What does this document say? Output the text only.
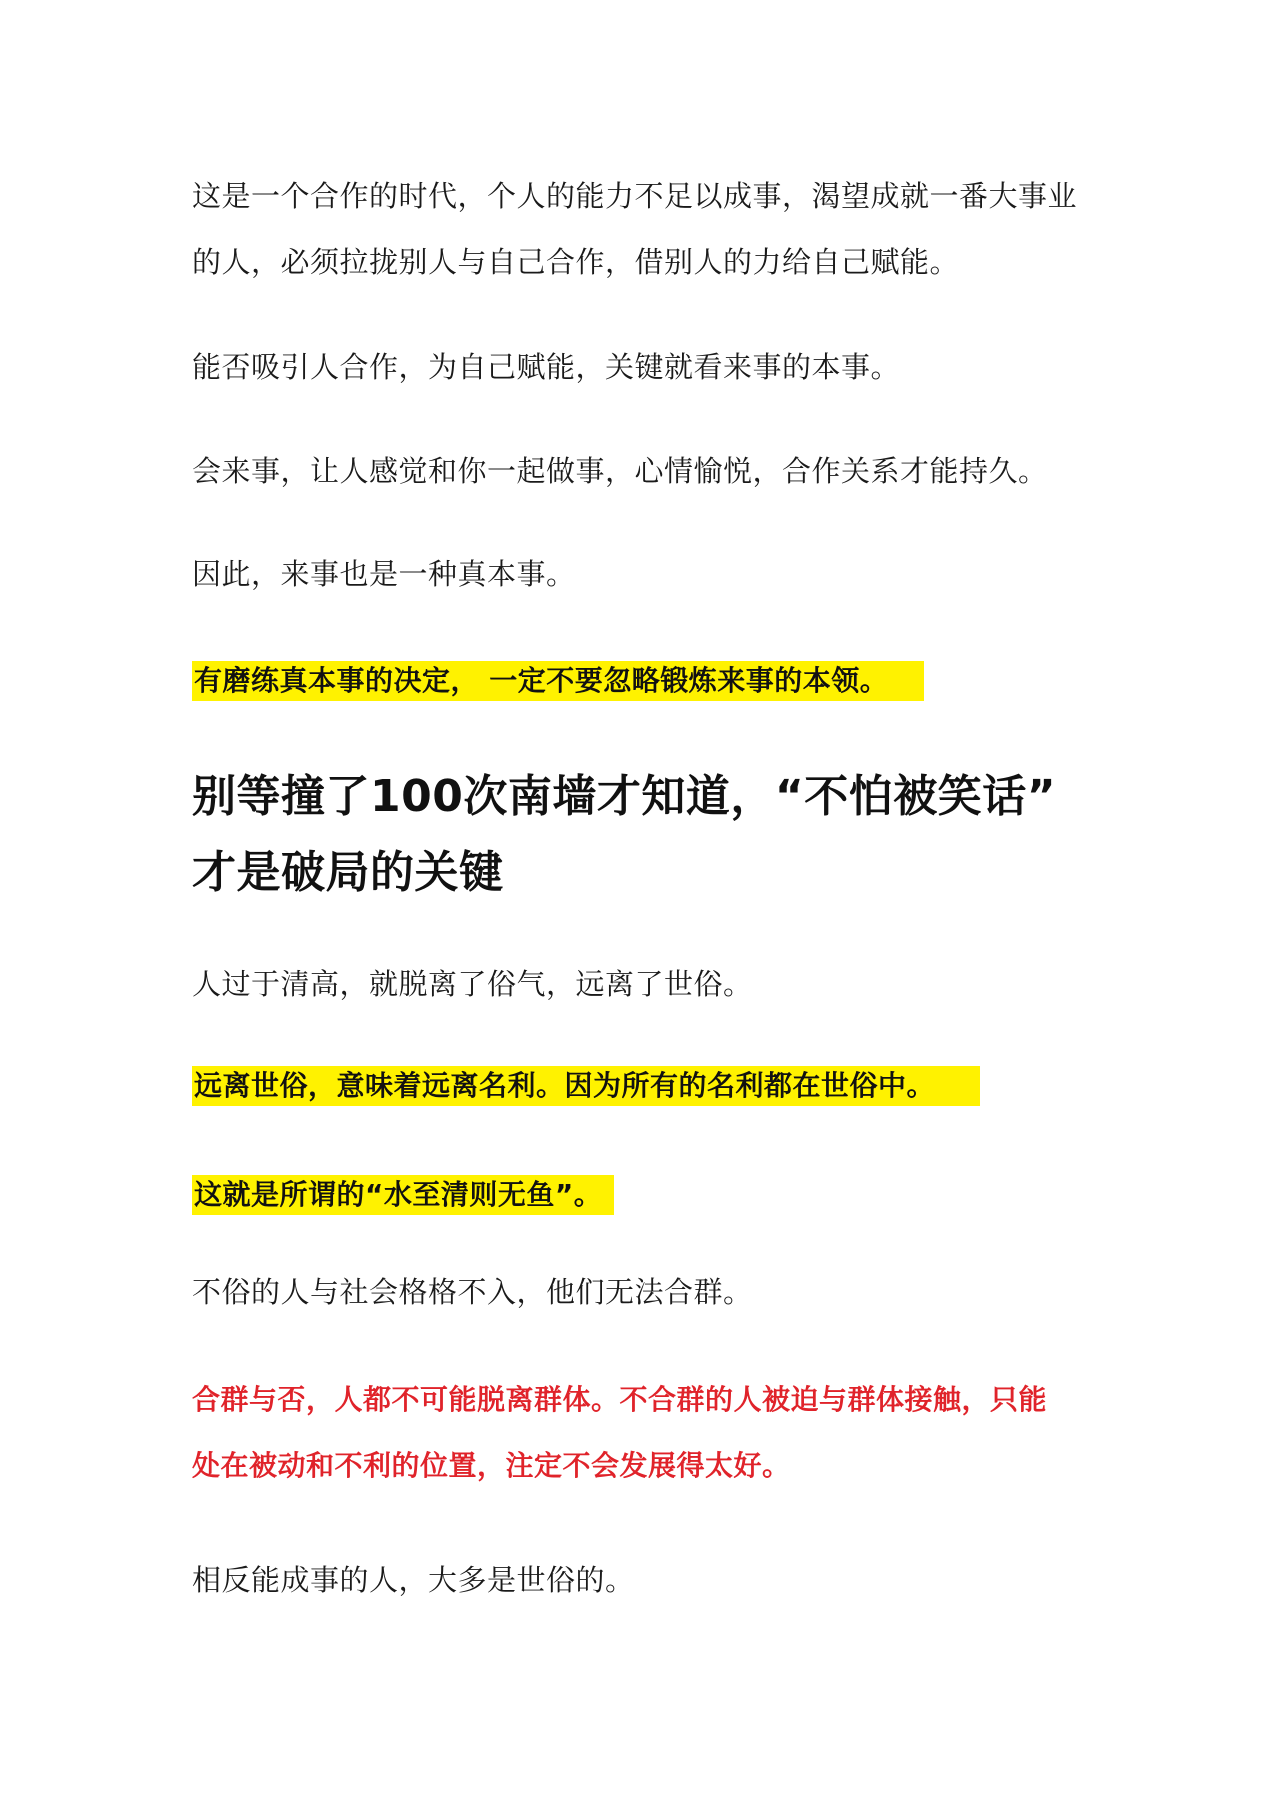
这是一个合作的时代，个人的能力不足以成事，渴望成就一番大事业
的人，必须拉拢别人与自己合作，借别人的力给自己赋能。

能否吸引人合作，为自己赋能，关键就看来事的本事。

会来事，让人感觉和你一起做事，心情愉悦，合作关系才能持久。

因此，来事也是一种真本事。

有磨练真本事的决定， 一定不要忽略锻炼来事的本领。

别等撞了100次南墙才知道，“不怕被笑话”
才是破局的关键

人过于清高，就脱离了俗气，远离了世俗。

远离世俗，意味着远离名利。因为所有的名利都在世俗中。

这就是所谓的“水至清则无鱼”。

不俗的人与社会格格不入，他们无法合群。

合群与否，人都不可能脱离群体。不合群的人被迫与群体接触，只能
处在被动和不利的位置，注定不会发展得太好。

相反能成事的人，大多是世俗的。
